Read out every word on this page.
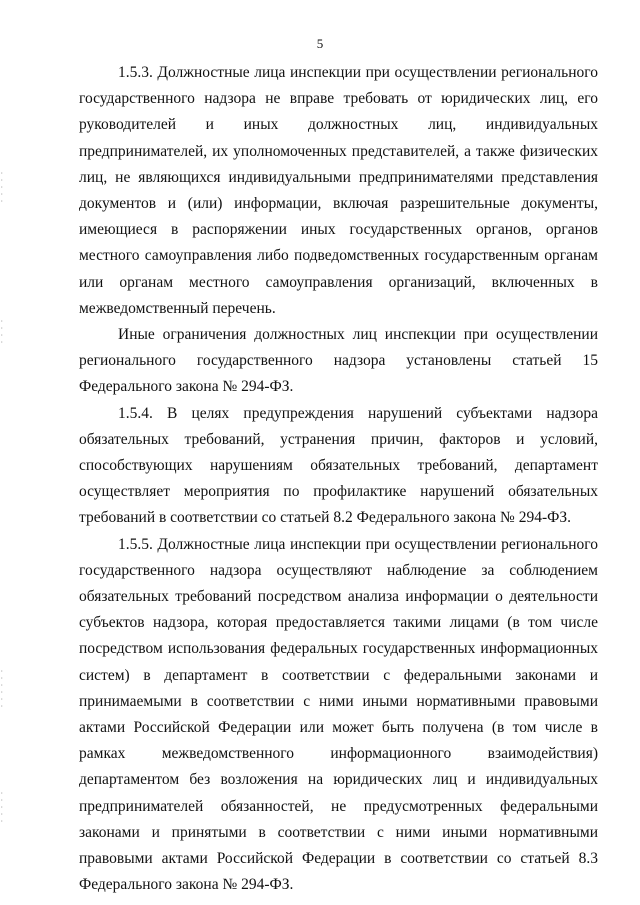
5
·
·
·
·
·
·
·
·
·
·
·
·
·
·
·
·
·
·
·
·

1.5.3. Должностные лица инспекции при осуществлении регионального государственного надзора не вправе требовать от юридических лиц, его руководителей и иных должностных лиц, индивидуальных предпринимателей, их уполномоченных представителей, а также физических лиц, не являющихся индивидуальными предпринимателями представления документов и (или) информации, включая разрешительные документы, имеющиеся в распоряжении иных государственных органов, органов местного самоуправления либо подведомственных государственным органам или органам местного самоуправления организаций, включенных в межведомственный перечень.

Иные ограничения должностных лиц инспекции при осуществлении регионального государственного надзора установлены статьей 15 Федерального закона № 294-ФЗ.

1.5.4. В целях предупреждения нарушений субъектами надзора обязательных требований, устранения причин, факторов и условий, способствующих нарушениям обязательных требований, департамент осуществляет мероприятия по профилактике нарушений обязательных требований в соответствии со статьей 8.2 Федерального закона № 294-ФЗ.

1.5.5. Должностные лица инспекции при осуществлении регионального государственного надзора осуществляют наблюдение за соблюдением обязательных требований посредством анализа информации о деятельности субъектов надзора, которая предоставляется такими лицами (в том числе посредством использования федеральных государственных информационных систем) в департамент в соответствии с федеральными законами и принимаемыми в соответствии с ними иными нормативными правовыми актами Российской Федерации или может быть получена (в том числе в рамках межведомственного информационного взаимодействия) департаментом без возложения на юридических лиц и индивидуальных предпринимателей обязанностей, не предусмотренных федеральными законами и принятыми в соответствии с ними иными нормативными правовыми актами Российской Федерации в соответствии со статьей 8.3 Федерального закона № 294-ФЗ.
